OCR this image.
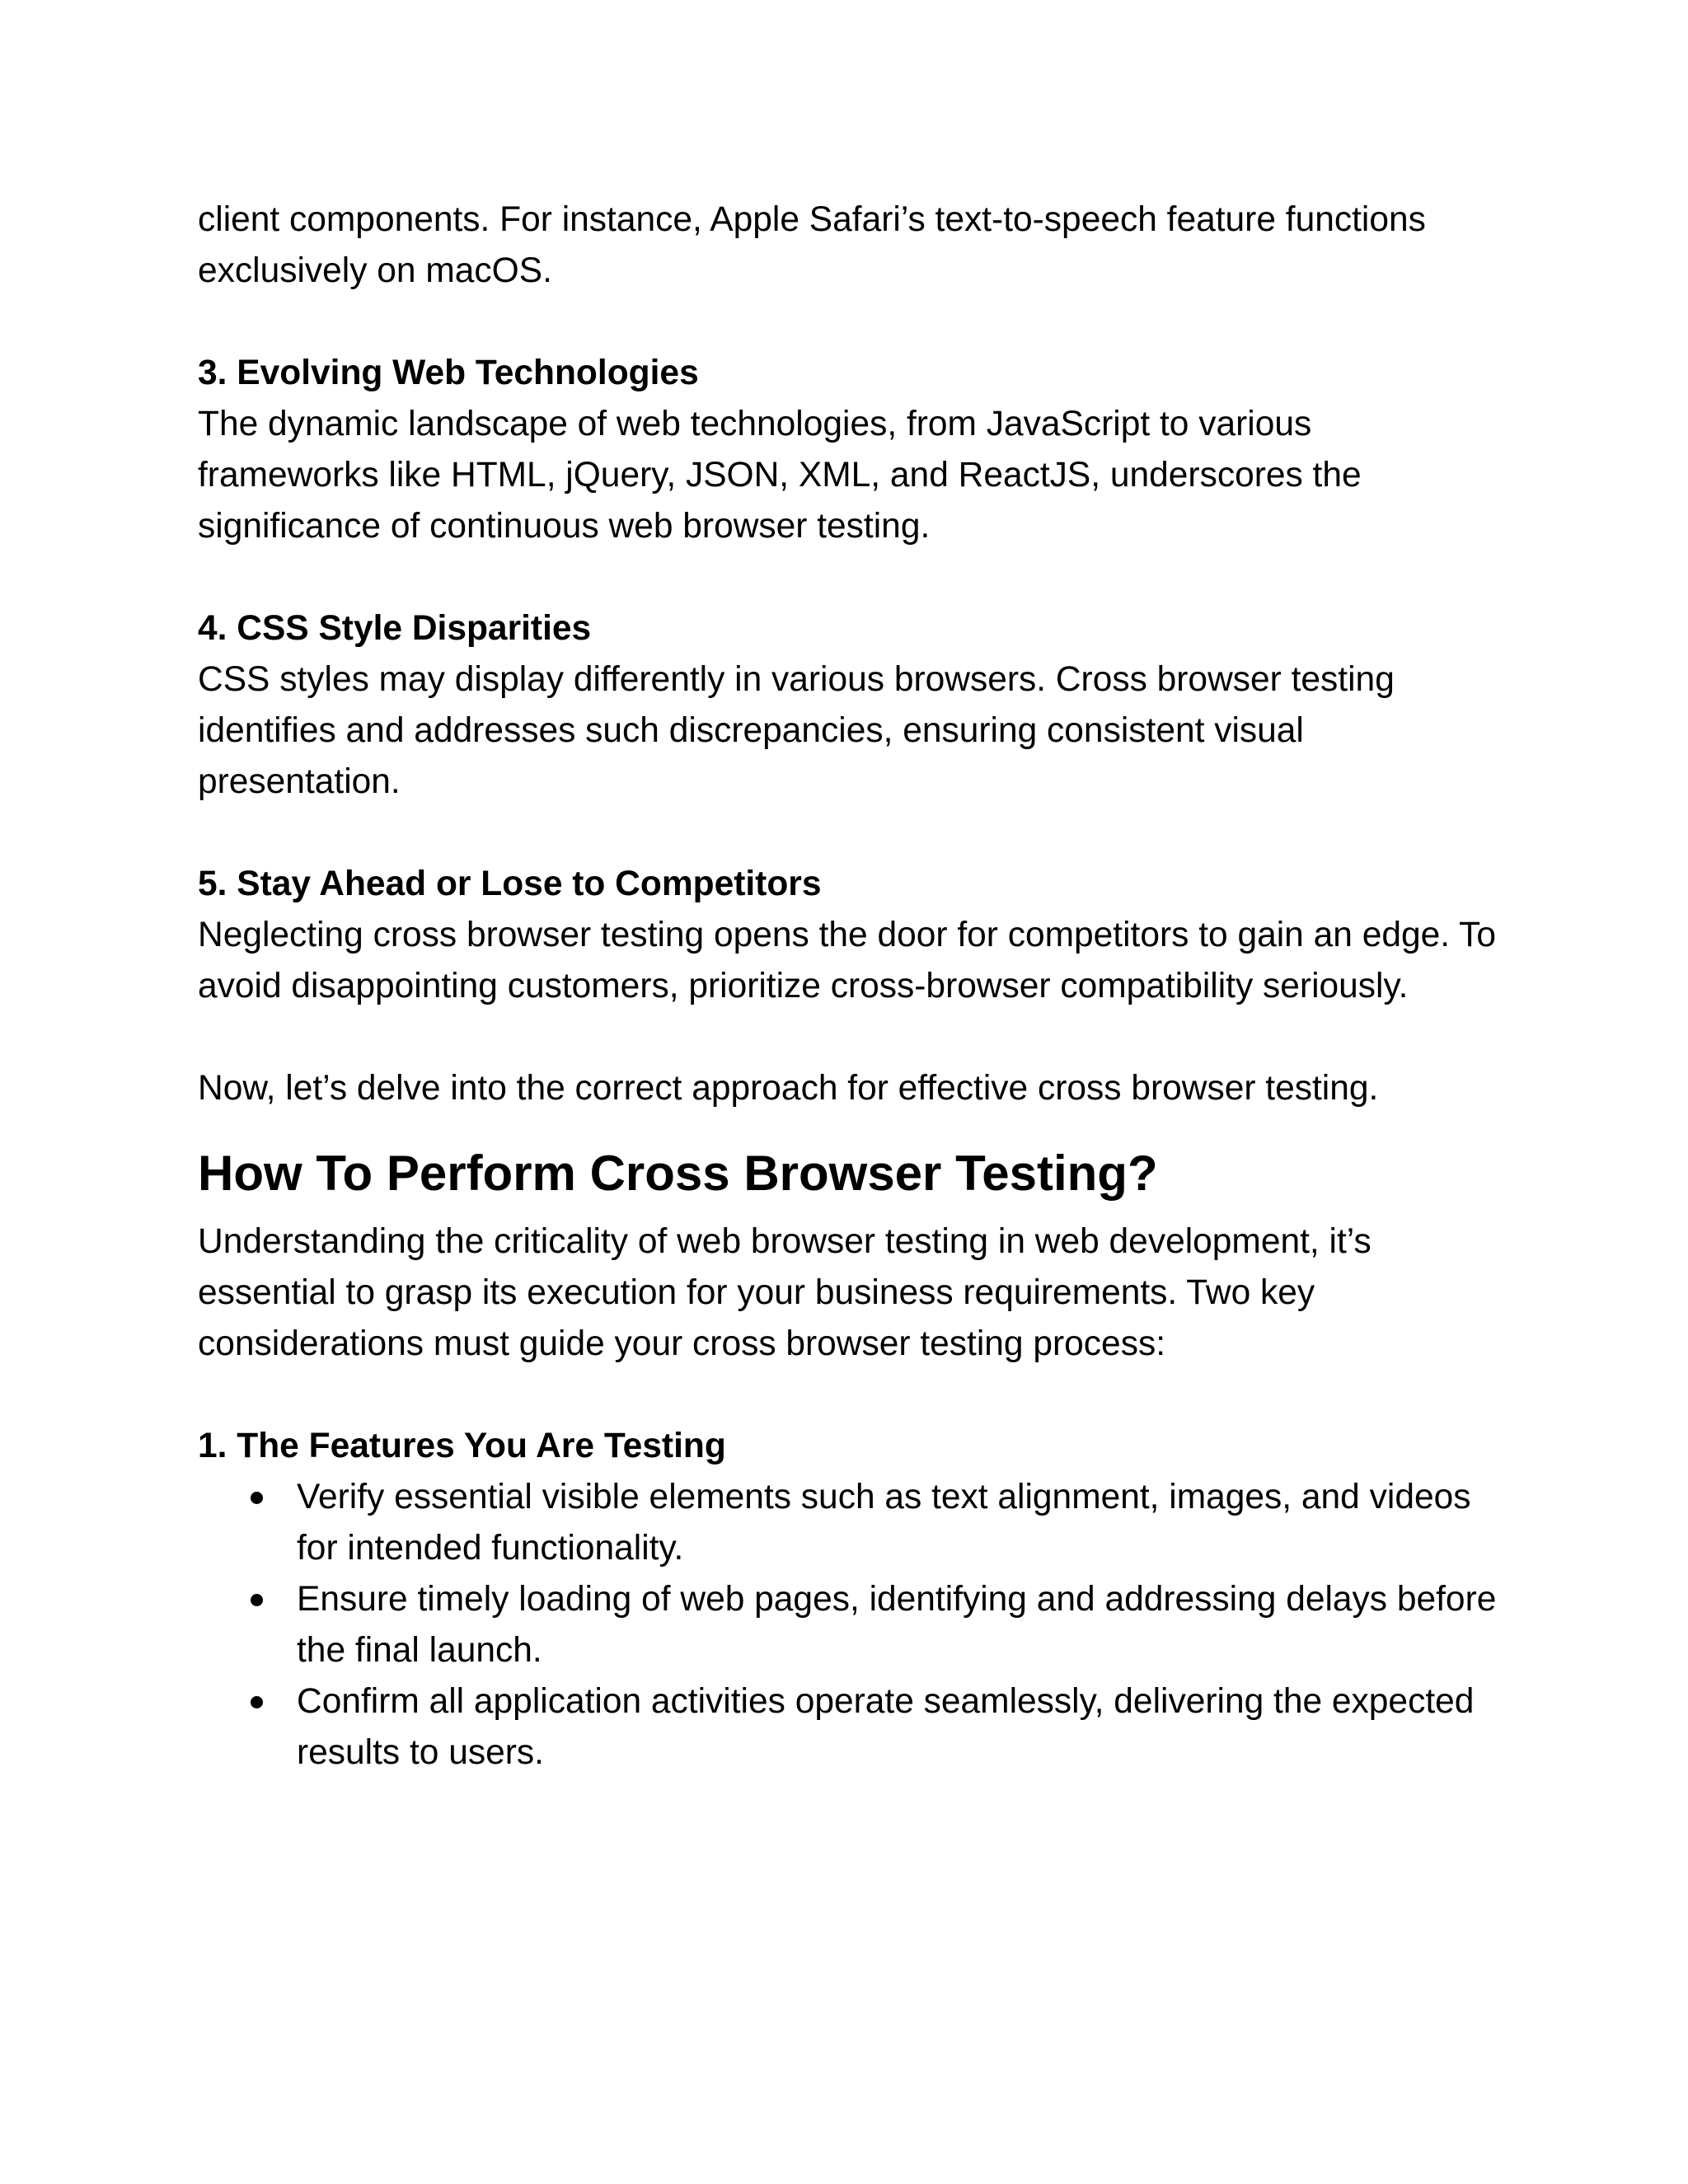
client components. For instance, Apple Safari’s text-to-speech feature functions exclusively on macOS.

3. Evolving Web Technologies

The dynamic landscape of web technologies, from JavaScript to various frameworks like HTML, jQuery, JSON, XML, and ReactJS, underscores the significance of continuous web browser testing.

4. CSS Style Disparities

CSS styles may display differently in various browsers. Cross browser testing identifies and addresses such discrepancies, ensuring consistent visual presentation.

5. Stay Ahead or Lose to Competitors

Neglecting cross browser testing opens the door for competitors to gain an edge. To avoid disappointing customers, prioritize cross-browser compatibility seriously.

Now, let’s delve into the correct approach for effective cross browser testing.

How To Perform Cross Browser Testing?

Understanding the criticality of web browser testing in web development, it’s essential to grasp its execution for your business requirements. Two key considerations must guide your cross browser testing process:

1. The Features You Are Testing

Verify essential visible elements such as text alignment, images, and videos for intended functionality.
Ensure timely loading of web pages, identifying and addressing delays before the final launch.
Confirm all application activities operate seamlessly, delivering the expected results to users.
